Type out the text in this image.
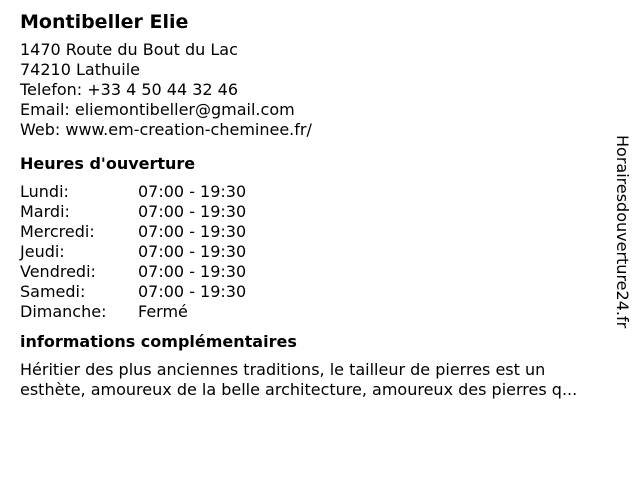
Montibeller Elie
1470 Route du Bout du Lac
74210 Lathuile
Telefon: +33 4 50 44 32 46
Email: eliemontibeller@gmail.com
Web: www.em-creation-cheminee.fr/
Heures d'ouverture
Lundi:	07:00 - 19:30
Mardi:	07:00 - 19:30
Mercredi:	07:00 - 19:30
Jeudi:	07:00 - 19:30
Vendredi:	07:00 - 19:30
Samedi:	07:00 - 19:30
Dimanche:	Fermé
informations complémentaires
Héritier des plus anciennes traditions, le tailleur de pierres est un
esthète, amoureux de la belle architecture, amoureux des pierres q...
Horairesdouverture24.fr
